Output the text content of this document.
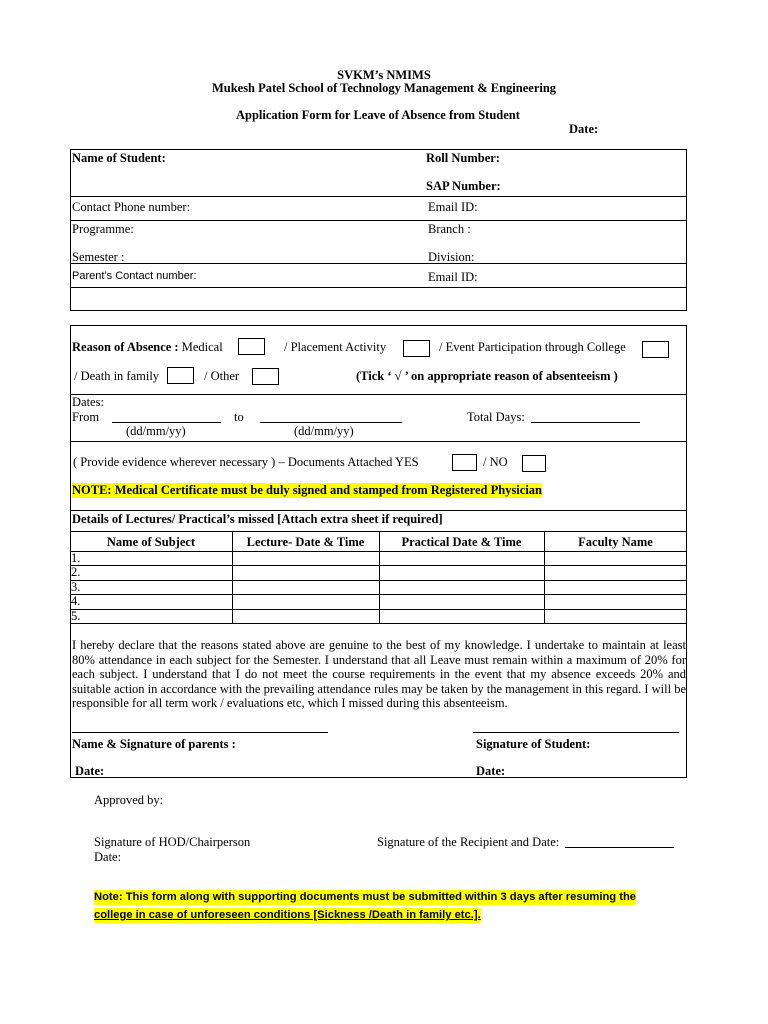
SVKM’s NMIMS
Mukesh Patel School of Technology Management & Engineering
Application Form for Leave of Absence from Student
Date:
Name of Student:	Roll Number:
SAP Number:
Contact Phone number:	Email ID:
Programme:	Branch :
Semester :	Division:
Parent’s Contact number:	Email ID:
Reason of Absence : Medical	/ Placement Activity	/ Event Participation through College
/ Death in family	/ Other	(Tick ‘ √ ’ on appropriate reason of absenteeism )
Dates:
From	to	Total Days:
(dd/mm/yy)	(dd/mm/yy)
( Provide evidence wherever necessary ) – Documents Attached YES	/ NO
NOTE: Medical Certificate must be duly signed and stamped from Registered Physician
Details of Lectures/ Practical’s missed [Attach extra sheet if required]
Name of Subject	Lecture- Date & Time	Practical Date & Time	Faculty Name
1.
2.
3.
4.
5.
I hereby declare that the reasons stated above are genuine to the best of my knowledge. I undertake to maintain at least 80% attendance in each subject for the Semester. I understand that all Leave must remain within a maximum of 20% for each subject. I understand that I do not meet the course requirements in the event that my absence exceeds 20% and suitable action in accordance with the prevailing attendance rules may be taken by the management in this regard. I will be responsible for all term work / evaluations etc, which I missed during this absenteeism.
Name & Signature of parents :	Signature of Student:
Date:	Date:
Approved by:
Signature of HOD/Chairperson
Date:
Signature of the Recipient and Date:
Note: This form along with supporting documents must be submitted within 3 days after resuming the
college in case of unforeseen conditions [Sickness /Death in family etc.].
